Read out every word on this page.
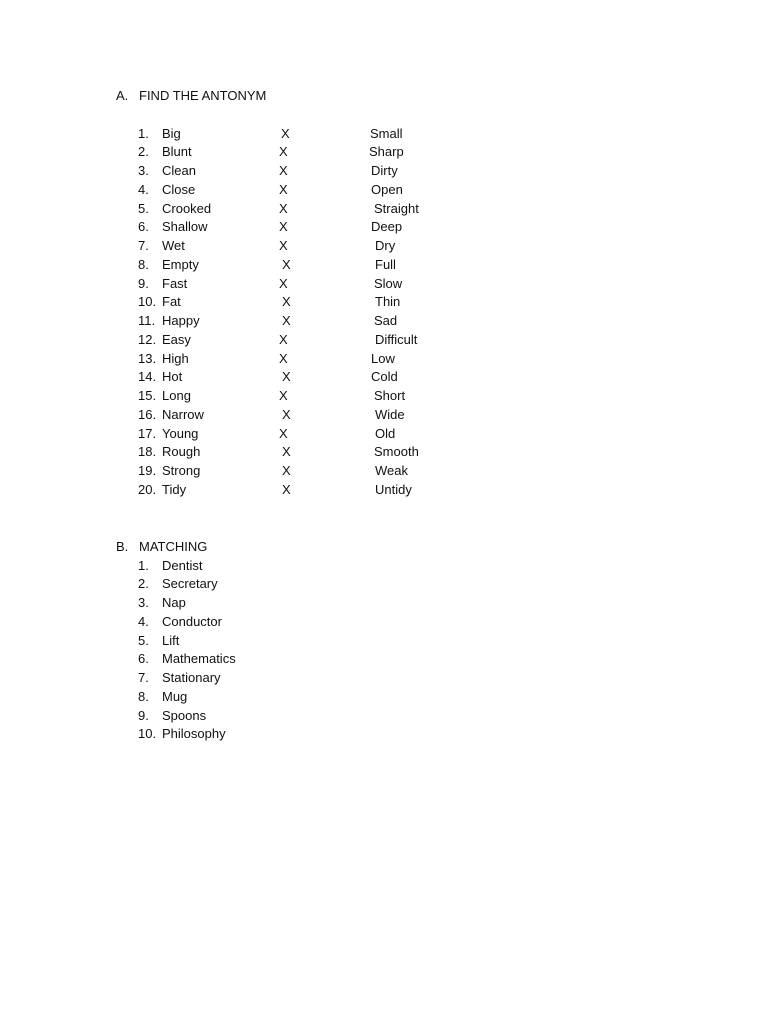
A. FIND THE ANTONYM
1. Big	X	Small
2. Blunt	X	Sharp
3. Clean	X	Dirty
4. Close	X	Open
5. Crooked	X	Straight
6. Shallow	X	Deep
7. Wet	X	Dry
8. Empty	X	Full
9. Fast	X	Slow
10. Fat	X	Thin
11. Happy	X	Sad
12. Easy	X	Difficult
13. High	X	Low
14. Hot	X	Cold
15. Long	X	Short
16. Narrow	X	Wide
17. Young	X	Old
18. Rough	X	Smooth
19. Strong	X	Weak
20. Tidy	X	Untidy
B. MATCHING
1. Dentist
2. Secretary
3. Nap
4. Conductor
5. Lift
6. Mathematics
7. Stationary
8. Mug
9. Spoons
10. Philosophy
